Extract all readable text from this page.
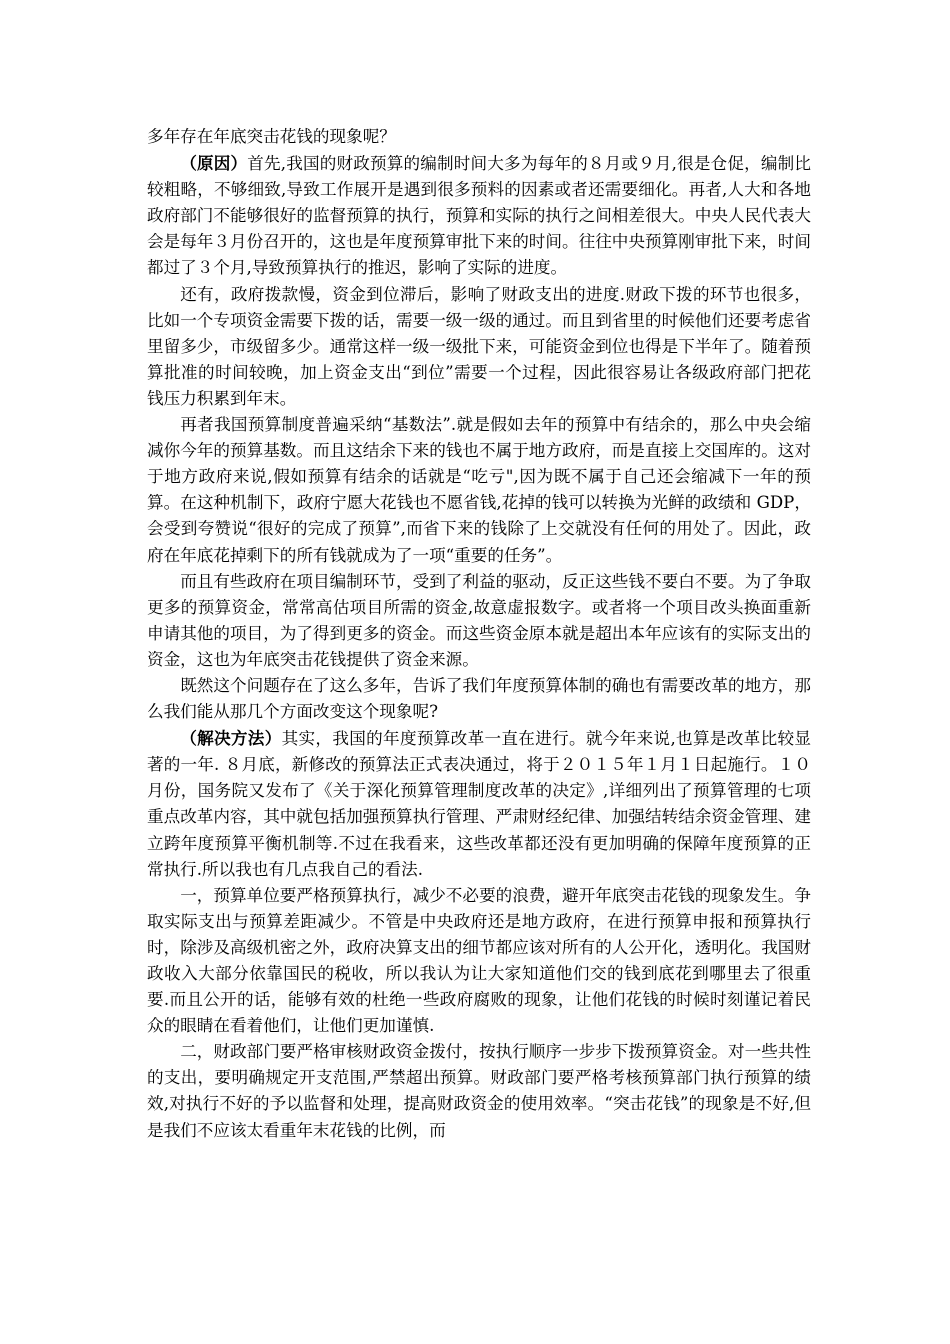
多年存在年底突击花钱的现象呢？

（原因）首先,我国的财政预算的编制时间大多为每年的８月或９月,很是仓促，编制比较粗略，不够细致,导致工作展开是遇到很多预料的因素或者还需要细化。再者,人大和各地政府部门不能够很好的监督预算的执行，预算和实际的执行之间相差很大。中央人民代表大会是每年３月份召开的，这也是年度预算审批下来的时间。往往中央预算刚审批下来，时间都过了３个月,导致预算执行的推迟，影响了实际的进度。

还有，政府拨款慢，资金到位滞后，影响了财政支出的进度.财政下拨的环节也很多，比如一个专项资金需要下拨的话，需要一级一级的通过。而且到省里的时候他们还要考虑省里留多少，市级留多少。通常这样一级一级批下来，可能资金到位也得是下半年了。随着预算批准的时间较晚，加上资金支出“到位”需要一个过程，因此很容易让各级政府部门把花钱压力积累到年末。

再者我国预算制度普遍采纳“基数法”.就是假如去年的预算中有结余的，那么中央会缩减你今年的预算基数。而且这结余下来的钱也不属于地方政府，而是直接上交国库的。这对于地方政府来说,假如预算有结余的话就是“吃亏",因为既不属于自己还会缩减下一年的预算。在这种机制下，政府宁愿大花钱也不愿省钱,花掉的钱可以转换为光鲜的政绩和 GDP，会受到夸赞说“很好的完成了预算”,而省下来的钱除了上交就没有任何的用处了。因此，政府在年底花掉剩下的所有钱就成为了一项“重要的任务”。

而且有些政府在项目编制环节，受到了利益的驱动，反正这些钱不要白不要。为了争取更多的预算资金，常常高估项目所需的资金,故意虚报数字。或者将一个项目改头换面重新申请其他的项目，为了得到更多的资金。而这些资金原本就是超出本年应该有的实际支出的资金，这也为年底突击花钱提供了资金来源。

既然这个问题存在了这么多年，告诉了我们年度预算体制的确也有需要改革的地方，那么我们能从那几个方面改变这个现象呢?

（解决方法）其实，我国的年度预算改革一直在进行。就今年来说,也算是改革比较显著的一年. ８月底，新修改的预算法正式表决通过，将于２０１５年１月１日起施行。１０月份，国务院又发布了《关于深化预算管理制度改革的决定》,详细列出了预算管理的七项重点改革内容，其中就包括加强预算执行管理、严肃财经纪律、加强结转结余资金管理、建立跨年度预算平衡机制等.不过在我看来，这些改革都还没有更加明确的保障年度预算的正常执行.所以我也有几点我自己的看法.

一，预算单位要严格预算执行，减少不必要的浪费，避开年底突击花钱的现象发生。争取实际支出与预算差距减少。不管是中央政府还是地方政府，在进行预算申报和预算执行时，除涉及高级机密之外，政府决算支出的细节都应该对所有的人公开化，透明化。我国财政收入大部分依靠国民的税收，所以我认为让大家知道他们交的钱到底花到哪里去了很重要.而且公开的话，能够有效的杜绝一些政府腐败的现象，让他们花钱的时候时刻谨记着民众的眼睛在看着他们，让他们更加谨慎.

二，财政部门要严格审核财政资金拨付，按执行顺序一步步下拨预算资金。对一些共性的支出，要明确规定开支范围,严禁超出预算。财政部门要严格考核预算部门执行预算的绩效,对执行不好的予以监督和处理，提高财政资金的使用效率。“突击花钱”的现象是不好,但是我们不应该太看重年末花钱的比例，而
